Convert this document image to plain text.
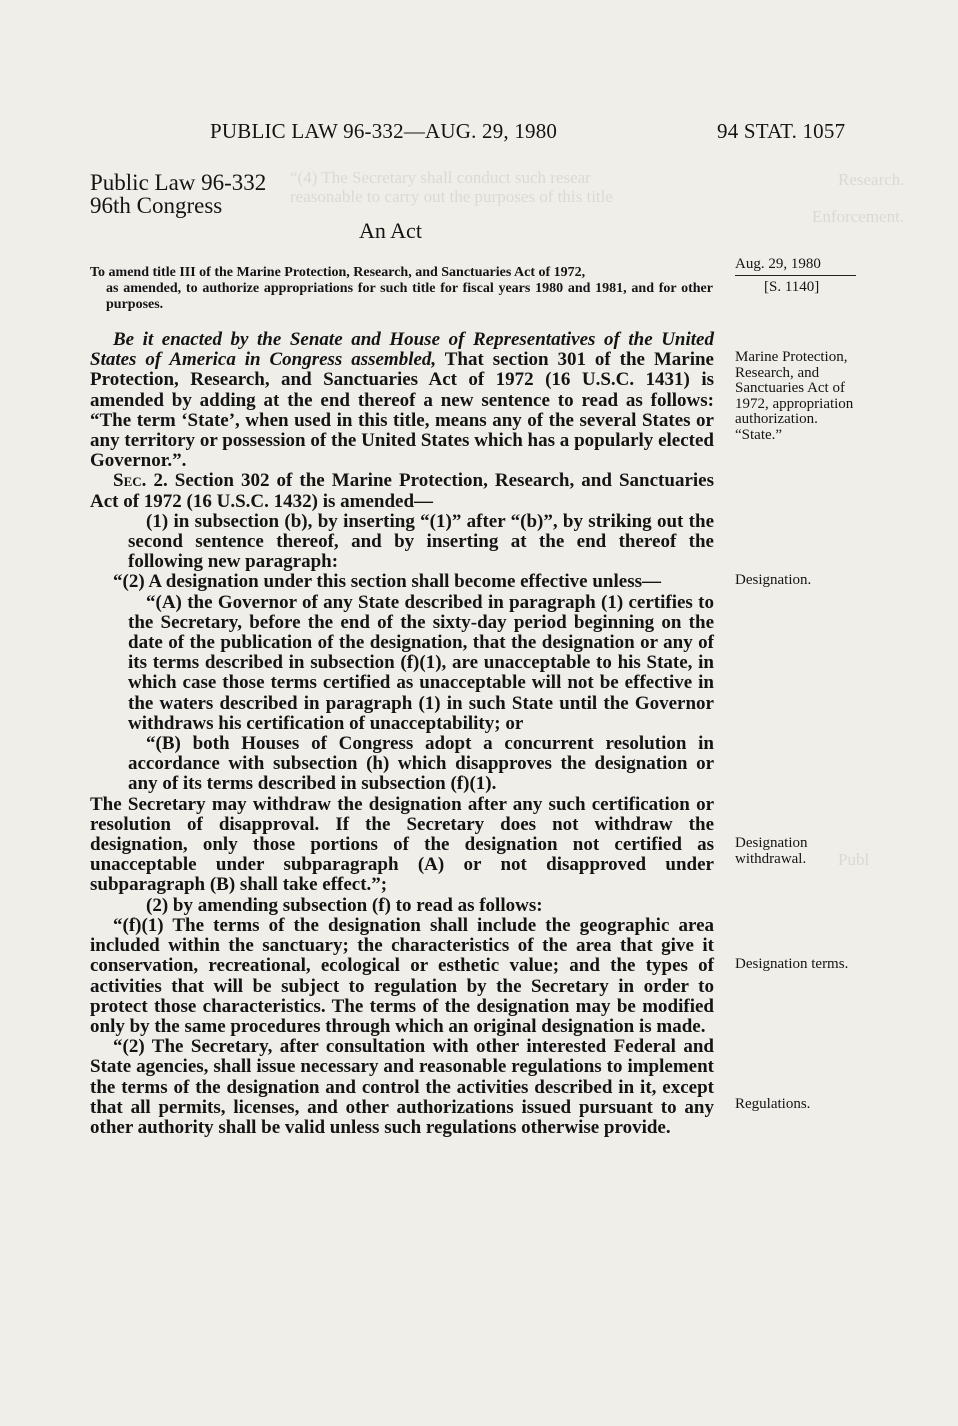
“(4) The Secretary shall conduct such resear
reasonable to carry out the purposes of this title
Research.
Enforcement.
Publ
PUBLIC LAW 96-332—AUG. 29, 1980	94 STAT. 1057
Public Law 96-332
96th Congress
An Act
To amend title III of the Marine Protection, Research, and Sanctuaries Act of 1972,
as amended, to authorize appropriations for such title for fiscal years 1980 and 1981, and for other purposes.
Aug. 29, 1980
[S. 1140]

Be it enacted by the Senate and House of Representatives of the United States of America in Congress assembled, That section 301 of the Marine Protection, Research, and Sanctuaries Act of 1972 (16 U.S.C. 1431) is amended by adding at the end thereof a new sentence to read as follows: “The term ‘State’, when used in this title, means any of the several States or any territory or possession of the United States which has a popularly elected Governor.”.

Sec. 2. Section 302 of the Marine Protection, Research, and Sanctuaries Act of 1972 (16 U.S.C. 1432) is amended—

(1) in subsection (b), by inserting “(1)” after “(b)”, by striking out the second sentence thereof, and by inserting at the end thereof the following new paragraph:

“(2) A designation under this section shall become effective unless—

“(A) the Governor of any State described in paragraph (1) certifies to the Secretary, before the end of the sixty-day period beginning on the date of the publication of the designation, that the designation or any of its terms described in subsection (f)(1), are unacceptable to his State, in which case those terms certified as unacceptable will not be effective in the waters described in paragraph (1) in such State until the Governor withdraws his certification of unacceptability; or

“(B) both Houses of Congress adopt a concurrent resolution in accordance with subsection (h) which disapproves the designation or any of its terms described in subsection (f)(1).

The Secretary may withdraw the designation after any such certification or resolution of disapproval. If the Secretary does not withdraw the designation, only those portions of the designation not certified as unacceptable under subparagraph (A) or not disapproved under subparagraph (B) shall take effect.”;

(2) by amending subsection (f) to read as follows:

“(f)(1) The terms of the designation shall include the geographic area included within the sanctuary; the characteristics of the area that give it conservation, recreational, ecological or esthetic value; and the types of activities that will be subject to regulation by the Secretary in order to protect those characteristics. The terms of the designation may be modified only by the same procedures through which an original designation is made.

“(2) The Secretary, after consultation with other interested Federal and State agencies, shall issue necessary and reasonable regulations to implement the terms of the designation and control the activities described in it, except that all permits, licenses, and other authorizations issued pursuant to any other authority shall be valid unless such regulations otherwise provide.

Marine Protection, Research, and Sanctuaries Act of 1972, appropriation authorization.
“State.”
Designation.
Designation withdrawal.
Designation terms.
Regulations.
